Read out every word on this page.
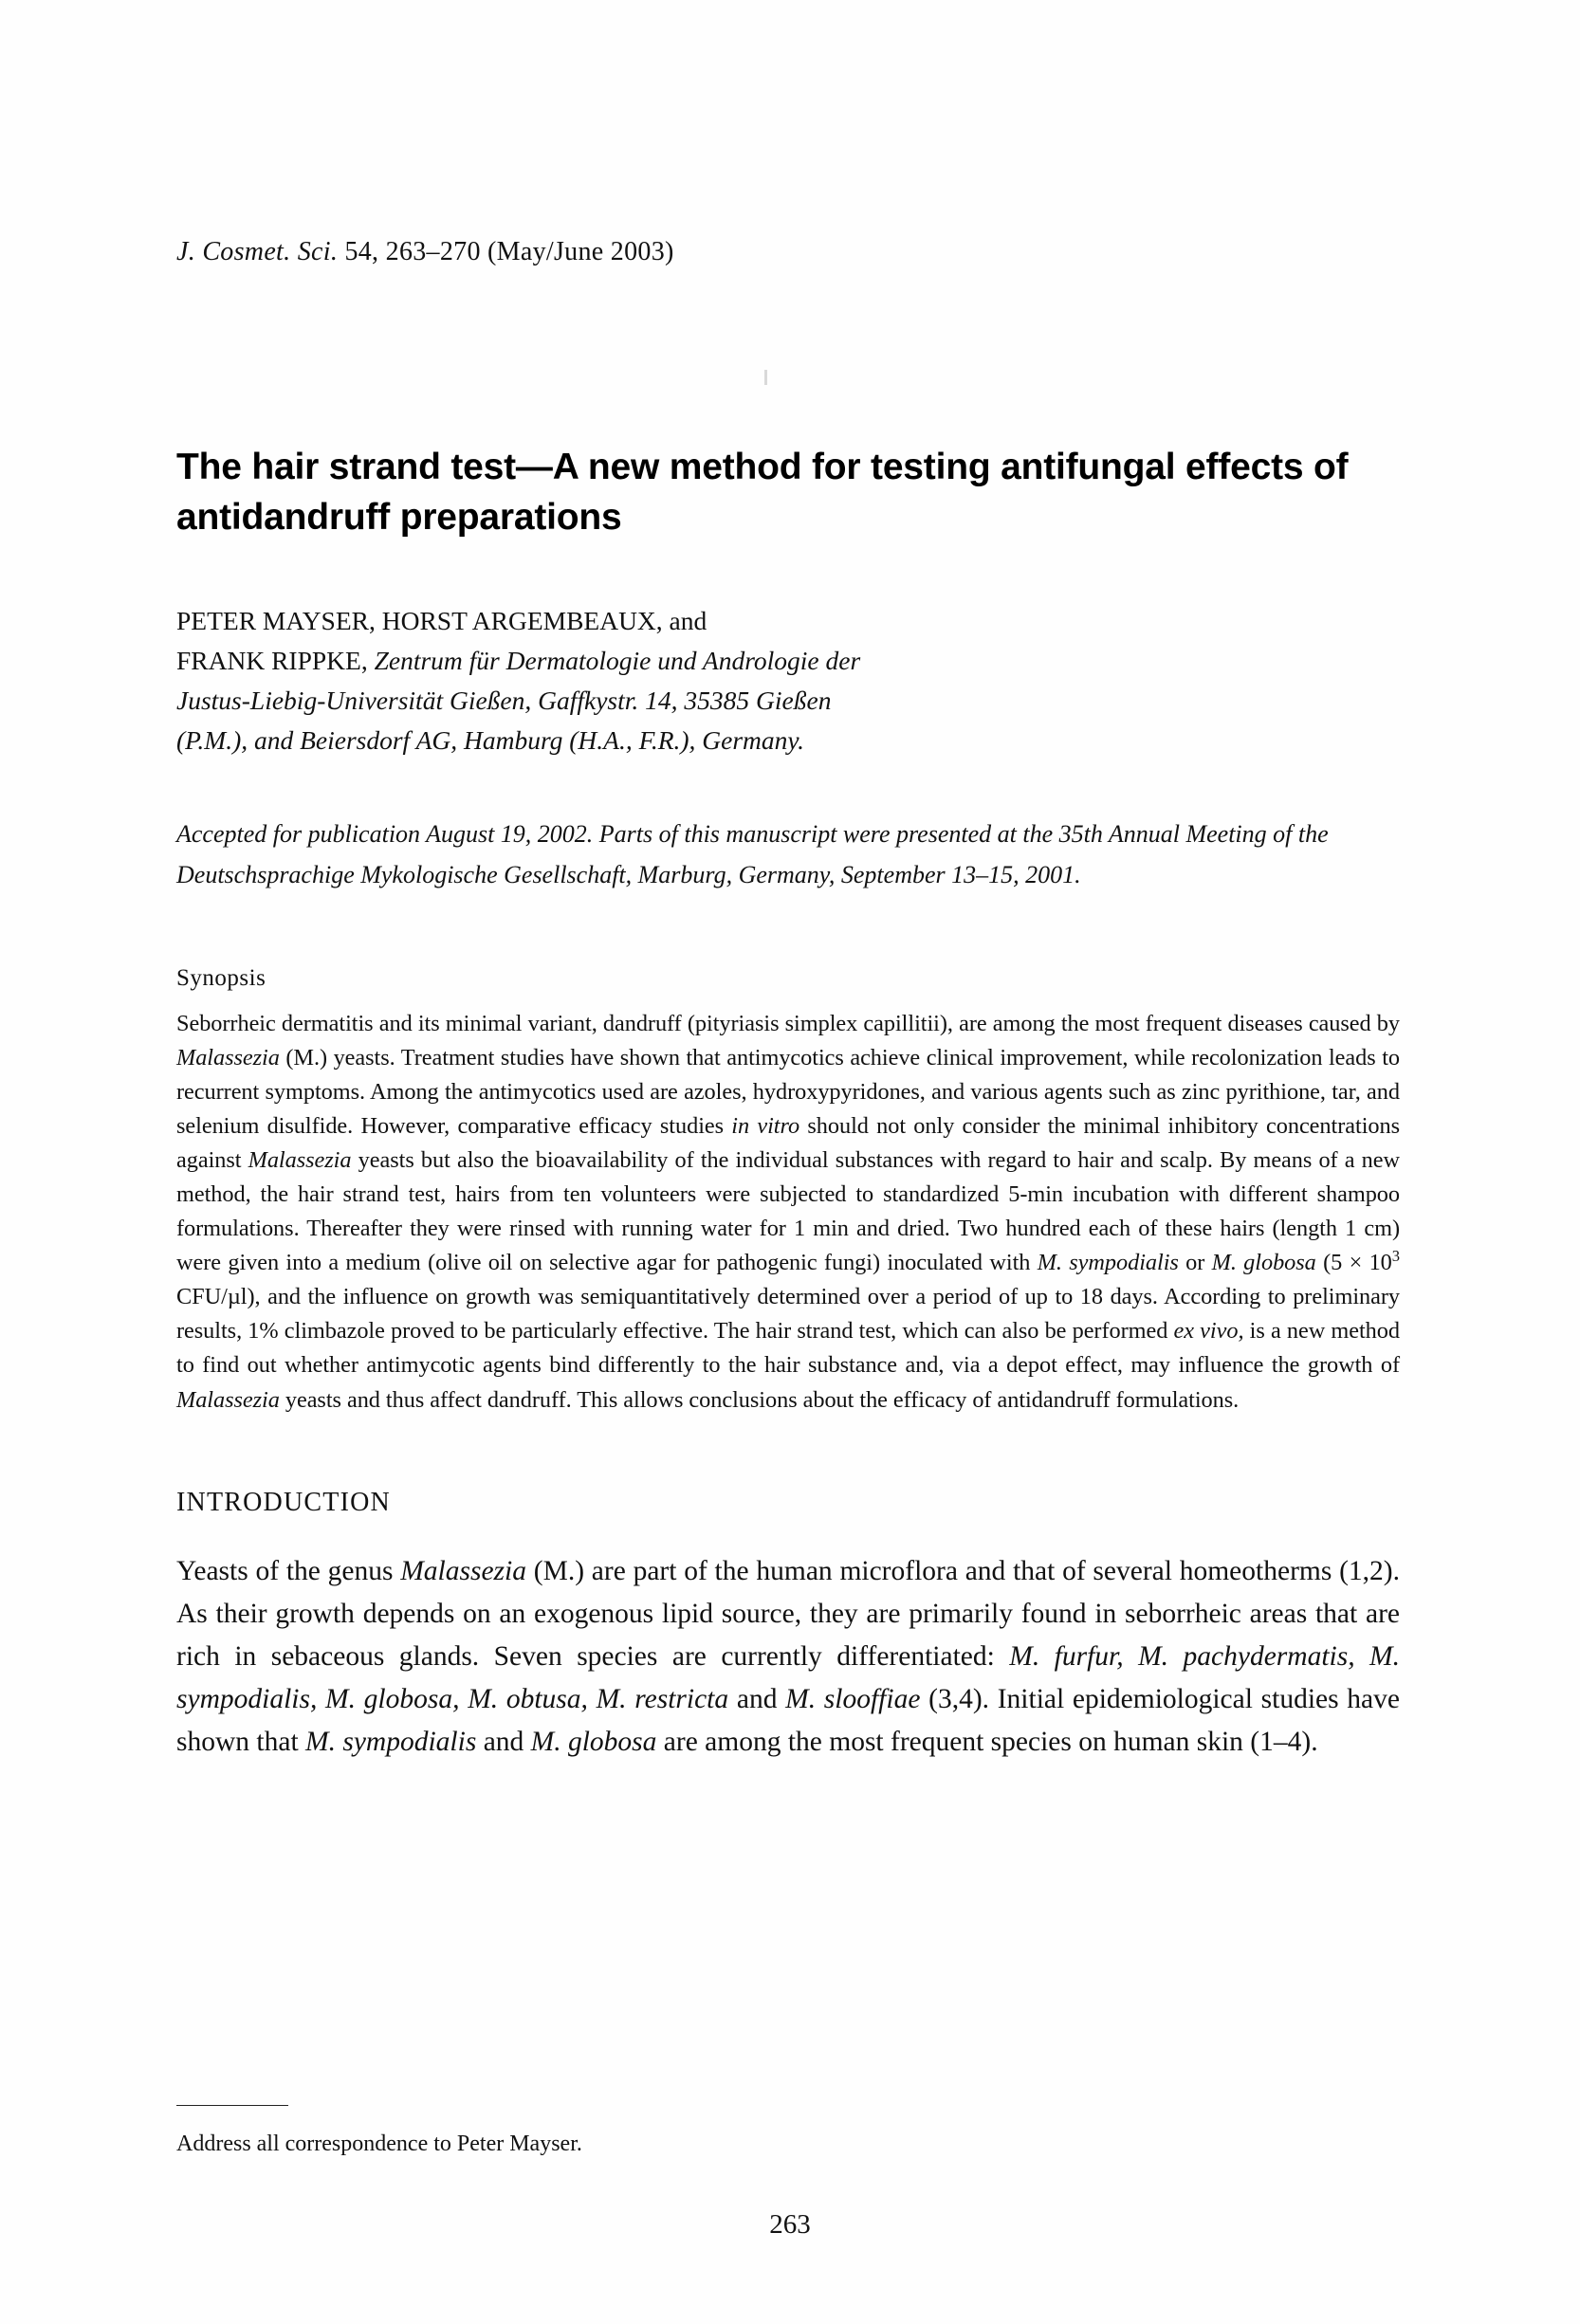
J. Cosmet. Sci. 54, 263–270 (May/June 2003)
The hair strand test—A new method for testing antifungal effects of antidandruff preparations
PETER MAYSER, HORST ARGEMBEAUX, and
FRANK RIPPKE, Zentrum für Dermatologie und Andrologie der
Justus-Liebig-Universität Gießen, Gaffkystr. 14, 35385 Gießen
(P.M.), and Beiersdorf AG, Hamburg (H.A., F.R.), Germany.
Accepted for publication August 19, 2002. Parts of this manuscript were presented at the 35th Annual Meeting of the Deutschsprachige Mykologische Gesellschaft, Marburg, Germany, September 13–15, 2001.
Synopsis
Seborrheic dermatitis and its minimal variant, dandruff (pityriasis simplex capillitii), are among the most frequent diseases caused by Malassezia (M.) yeasts. Treatment studies have shown that antimycotics achieve clinical improvement, while recolonization leads to recurrent symptoms. Among the antimycotics used are azoles, hydroxypyridones, and various agents such as zinc pyrithione, tar, and selenium disulfide. However, comparative efficacy studies in vitro should not only consider the minimal inhibitory concentrations against Malassezia yeasts but also the bioavailability of the individual substances with regard to hair and scalp. By means of a new method, the hair strand test, hairs from ten volunteers were subjected to standardized 5-min incubation with different shampoo formulations. Thereafter they were rinsed with running water for 1 min and dried. Two hundred each of these hairs (length 1 cm) were given into a medium (olive oil on selective agar for pathogenic fungi) inoculated with M. sympodialis or M. globosa ($5 \times 10^3$ CFU/µl), and the influence on growth was semiquantitatively determined over a period of up to 18 days. According to preliminary results, 1% climbazole proved to be particularly effective. The hair strand test, which can also be performed ex vivo, is a new method to find out whether antimycotic agents bind differently to the hair substance and, via a depot effect, may influence the growth of Malassezia yeasts and thus affect dandruff. This allows conclusions about the efficacy of antidandruff formulations.
INTRODUCTION
Yeasts of the genus Malassezia (M.) are part of the human microflora and that of several homeotherms (1,2). As their growth depends on an exogenous lipid source, they are primarily found in seborrheic areas that are rich in sebaceous glands. Seven species are currently differentiated: M. furfur, M. pachydermatis, M. sympodialis, M. globosa, M. obtusa, M. restricta and M. slooffiae (3,4). Initial epidemiological studies have shown that M. sympodialis and M. globosa are among the most frequent species on human skin (1–4).
Address all correspondence to Peter Mayser.
263
